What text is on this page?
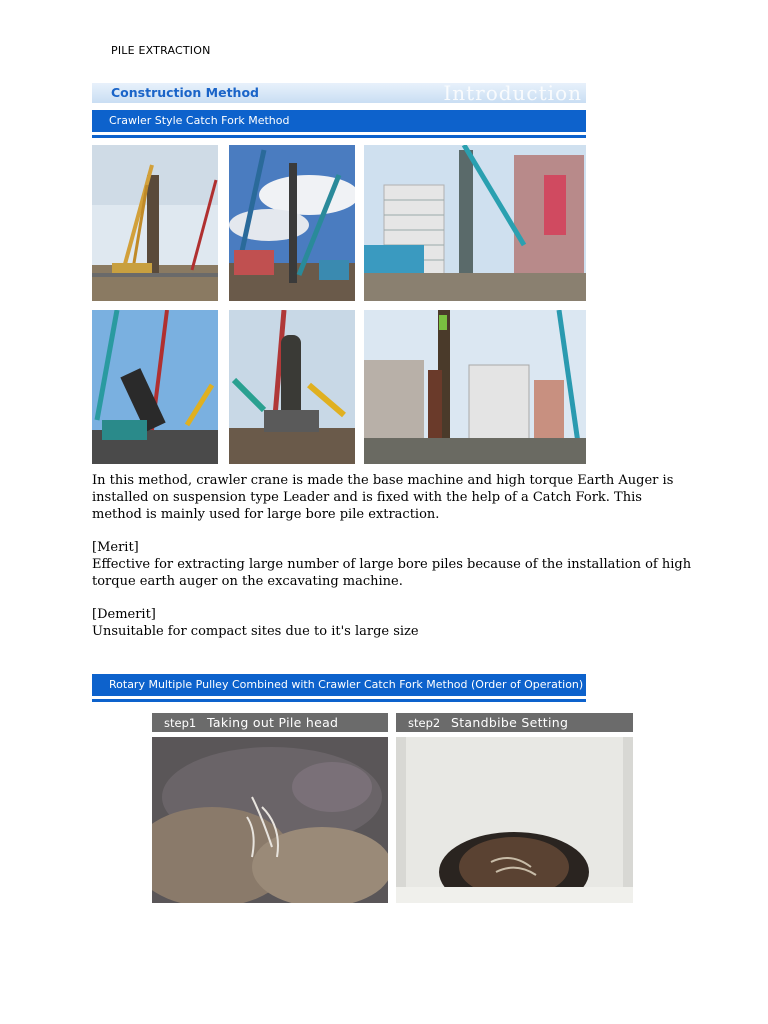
PILE EXTRACTION
Construction Method	Introduction
Crawler Style Catch Fork Method
In this method, crawler crane is made the base machine and high torque Earth Auger is installed on suspension type Leader and is fixed with the help of a Catch Fork. This method is mainly used for large bore pile extraction.
[Merit]
Effective for extracting large number of large bore piles because of the installation of high torque earth auger on the excavating machine.
[Demerit]
Unsuitable for compact sites due to it's large size
Rotary Multiple Pulley Combined with Crawler Catch Fork Method (Order of Operation)
step1 Taking out Pile head	step2 Standbibe Setting
